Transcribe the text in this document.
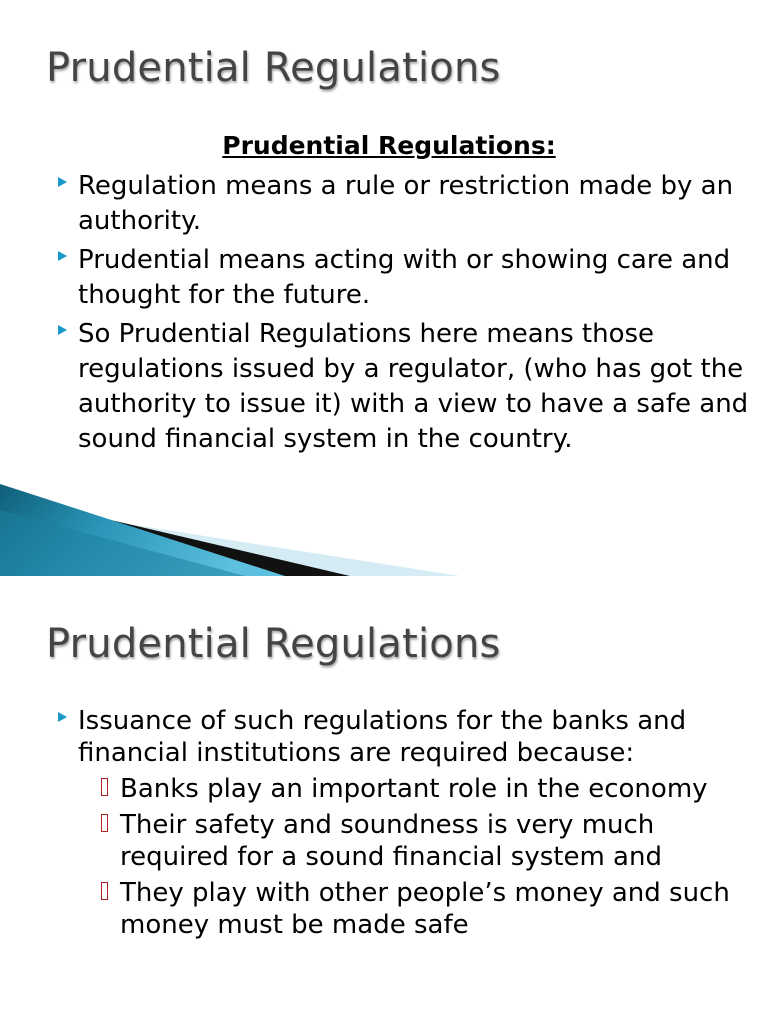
Prudential Regulations

Prudential Regulations:

Regulation means a rule or restriction made by an authority.
Prudential means acting with or showing care and thought for the future.
So Prudential Regulations here means those regulations issued by a regulator, (who has got the authority to issue it) with a view to have a safe and sound financial system in the country.
Prudential Regulations
Issuance of such regulations for the banks and financial institutions are required because:
Banks play an important role in the economy
Their safety and soundness is very much required for a sound financial system and
They play with other people’s money and such money must be made safe
